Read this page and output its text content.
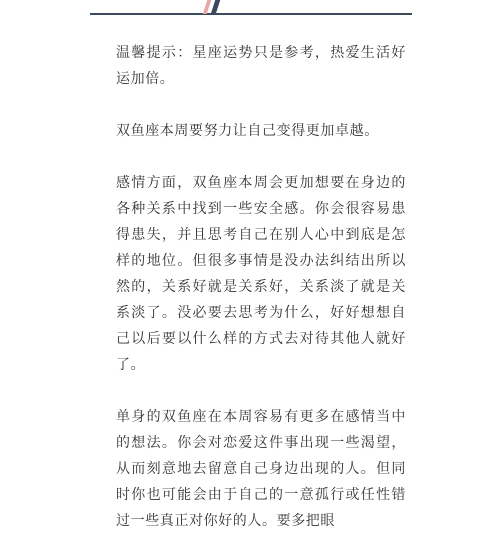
温馨提示：星座运势只是参考，热爱生活好运加倍。

双鱼座本周要努力让自己变得更加卓越。

感情方面，双鱼座本周会更加想要在身边的各种关系中找到一些安全感。你会很容易患得患失，并且思考自己在别人心中到底是怎样的地位。但很多事情是没办法纠结出所以然的，关系好就是关系好，关系淡了就是关系淡了。没必要去思考为什么，好好想想自己以后要以什么样的方式去对待其他人就好了。

单身的双鱼座在本周容易有更多在感情当中的想法。你会对恋爱这件事出现一些渴望，从而刻意地去留意自己身边出现的人。但同时你也可能会由于自己的一意孤行或任性错过一些真正对你好的人。要多把眼
